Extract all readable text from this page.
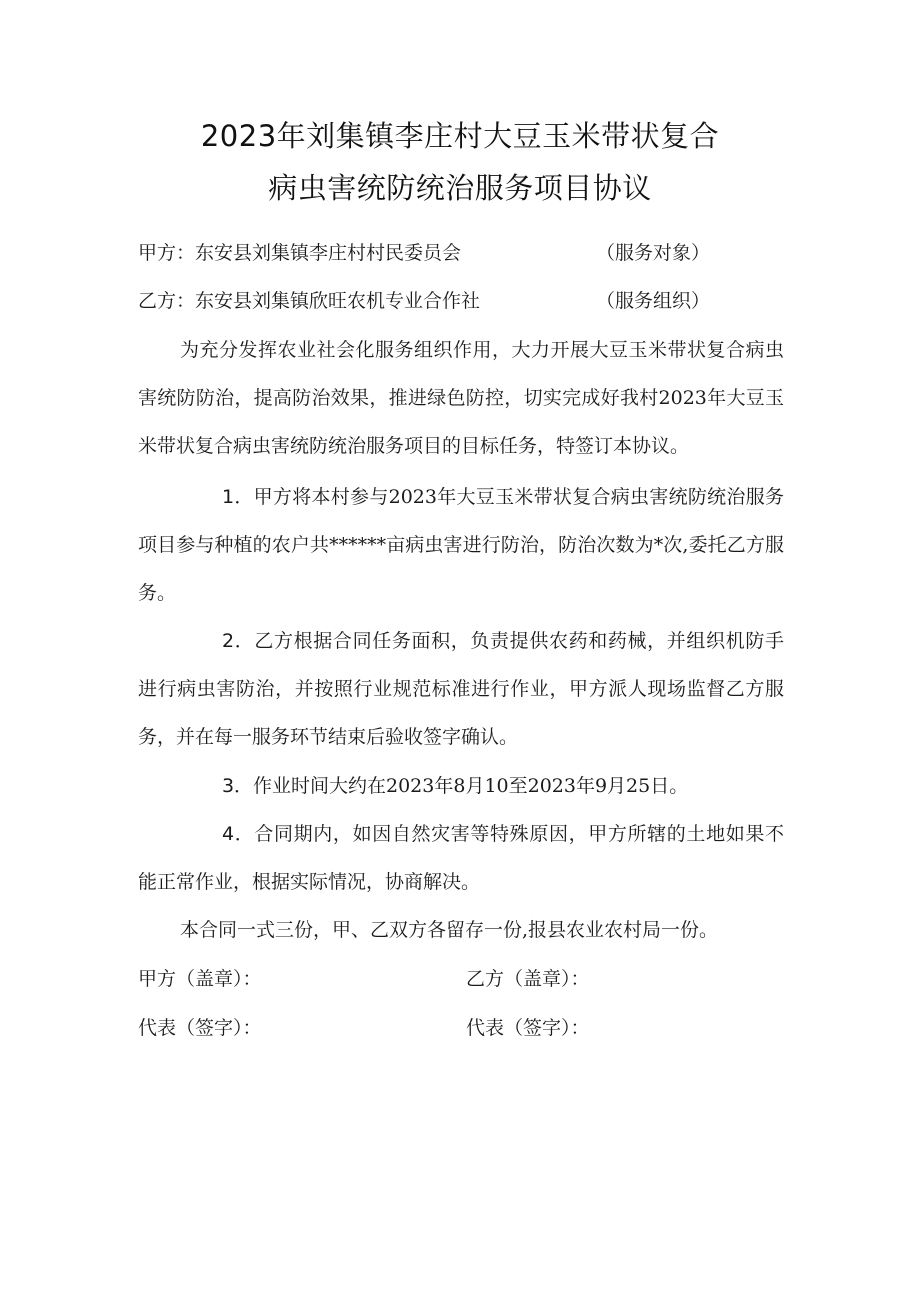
2023年刘集镇李庄村大豆玉米带状复合
病虫害统防统治服务项目协议
甲方：东安县刘集镇李庄村村民委员会	（服务对象）
乙方：东安县刘集镇欣旺农机专业合作社	（服务组织）

为充分发挥农业社会化服务组织作用，大力开展大豆玉米带状复合病虫害统防防治，提高防治效果，推进绿色防控，切实完成好我村2023年大豆玉米带状复合病虫害统防统治服务项目的目标任务，特签订本协议。

1．甲方将本村参与2023年大豆玉米带状复合病虫害统防统治服务项目参与种植的农户共******亩病虫害进行防治，防治次数为*次,委托乙方服务。

2．乙方根据合同任务面积，负责提供农药和药械，并组织机防手进行病虫害防治，并按照行业规范标准进行作业，甲方派人现场监督乙方服务，并在每一服务环节结束后验收签字确认。

3．作业时间大约在2023年8月10至2023年9月25日。

4．合同期内，如因自然灾害等特殊原因，甲方所辖的土地如果不能正常作业，根据实际情况，协商解决。

本合同一式三份，甲、乙双方各留存一份,报县农业农村局一份。

甲方（盖章）：	乙方（盖章）：
代表（签字）：	代表（签字）：
